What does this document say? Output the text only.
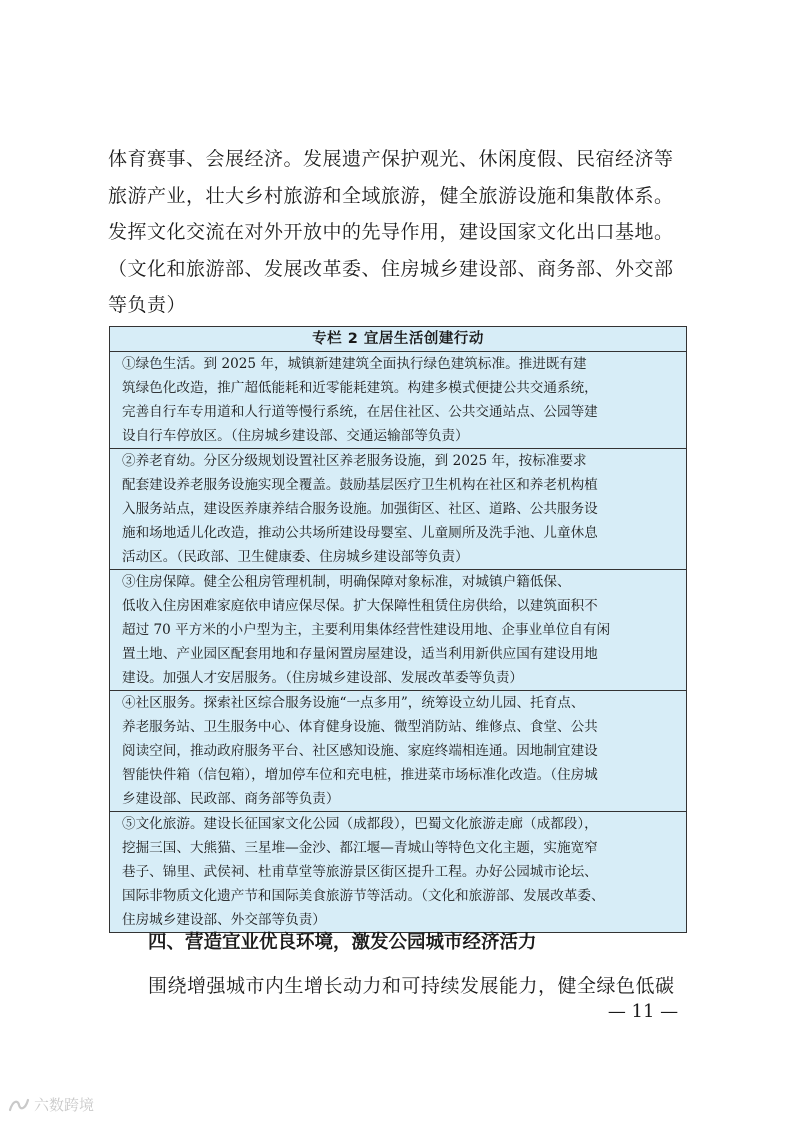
体育赛事、会展经济。发展遗产保护观光、休闲度假、民宿经济等
旅游产业，壮大乡村旅游和全域旅游，健全旅游设施和集散体系。
发挥文化交流在对外开放中的先导作用，建设国家文化出口基地。
（文化和旅游部、发展改革委、住房城乡建设部、商务部、外交部
等负责）
专栏 2 宜居生活创建行动
①绿色生活。到 2025 年，城镇新建建筑全面执行绿色建筑标准。推进既有建
筑绿色化改造，推广超低能耗和近零能耗建筑。构建多模式便捷公共交通系统，
完善自行车专用道和人行道等慢行系统，在居住社区、公共交通站点、公园等建
设自行车停放区。（住房城乡建设部、交通运输部等负责）
②养老育幼。分区分级规划设置社区养老服务设施，到 2025 年，按标准要求
配套建设养老服务设施实现全覆盖。鼓励基层医疗卫生机构在社区和养老机构植
入服务站点，建设医养康养结合服务设施。加强街区、社区、道路、公共服务设
施和场地适儿化改造，推动公共场所建设母婴室、儿童厕所及洗手池、儿童休息
活动区。（民政部、卫生健康委、住房城乡建设部等负责）
③住房保障。健全公租房管理机制，明确保障对象标准，对城镇户籍低保、
低收入住房困难家庭依申请应保尽保。扩大保障性租赁住房供给，以建筑面积不
超过 70 平方米的小户型为主，主要利用集体经营性建设用地、企事业单位自有闲
置土地、产业园区配套用地和存量闲置房屋建设，适当利用新供应国有建设用地
建设。加强人才安居服务。（住房城乡建设部、发展改革委等负责）
④社区服务。探索社区综合服务设施“一点多用”，统筹设立幼儿园、托育点、
养老服务站、卫生服务中心、体育健身设施、微型消防站、维修点、食堂、公共
阅读空间，推动政府服务平台、社区感知设施、家庭终端相连通。因地制宜建设
智能快件箱（信包箱），增加停车位和充电桩，推进菜市场标准化改造。（住房城
乡建设部、民政部、商务部等负责）
⑤文化旅游。建设长征国家文化公园（成都段），巴蜀文化旅游走廊（成都段），
挖掘三国、大熊猫、三星堆—金沙、都江堰—青城山等特色文化主题，实施宽窄
巷子、锦里、武侯祠、杜甫草堂等旅游景区街区提升工程。办好公园城市论坛、
国际非物质文化遗产节和国际美食旅游节等活动。（文化和旅游部、发展改革委、
住房城乡建设部、外交部等负责）
四、营造宜业优良环境，激发公园城市经济活力
围绕增强城市内生增长动力和可持续发展能力，健全绿色低碳
— 11 —
六数跨境
